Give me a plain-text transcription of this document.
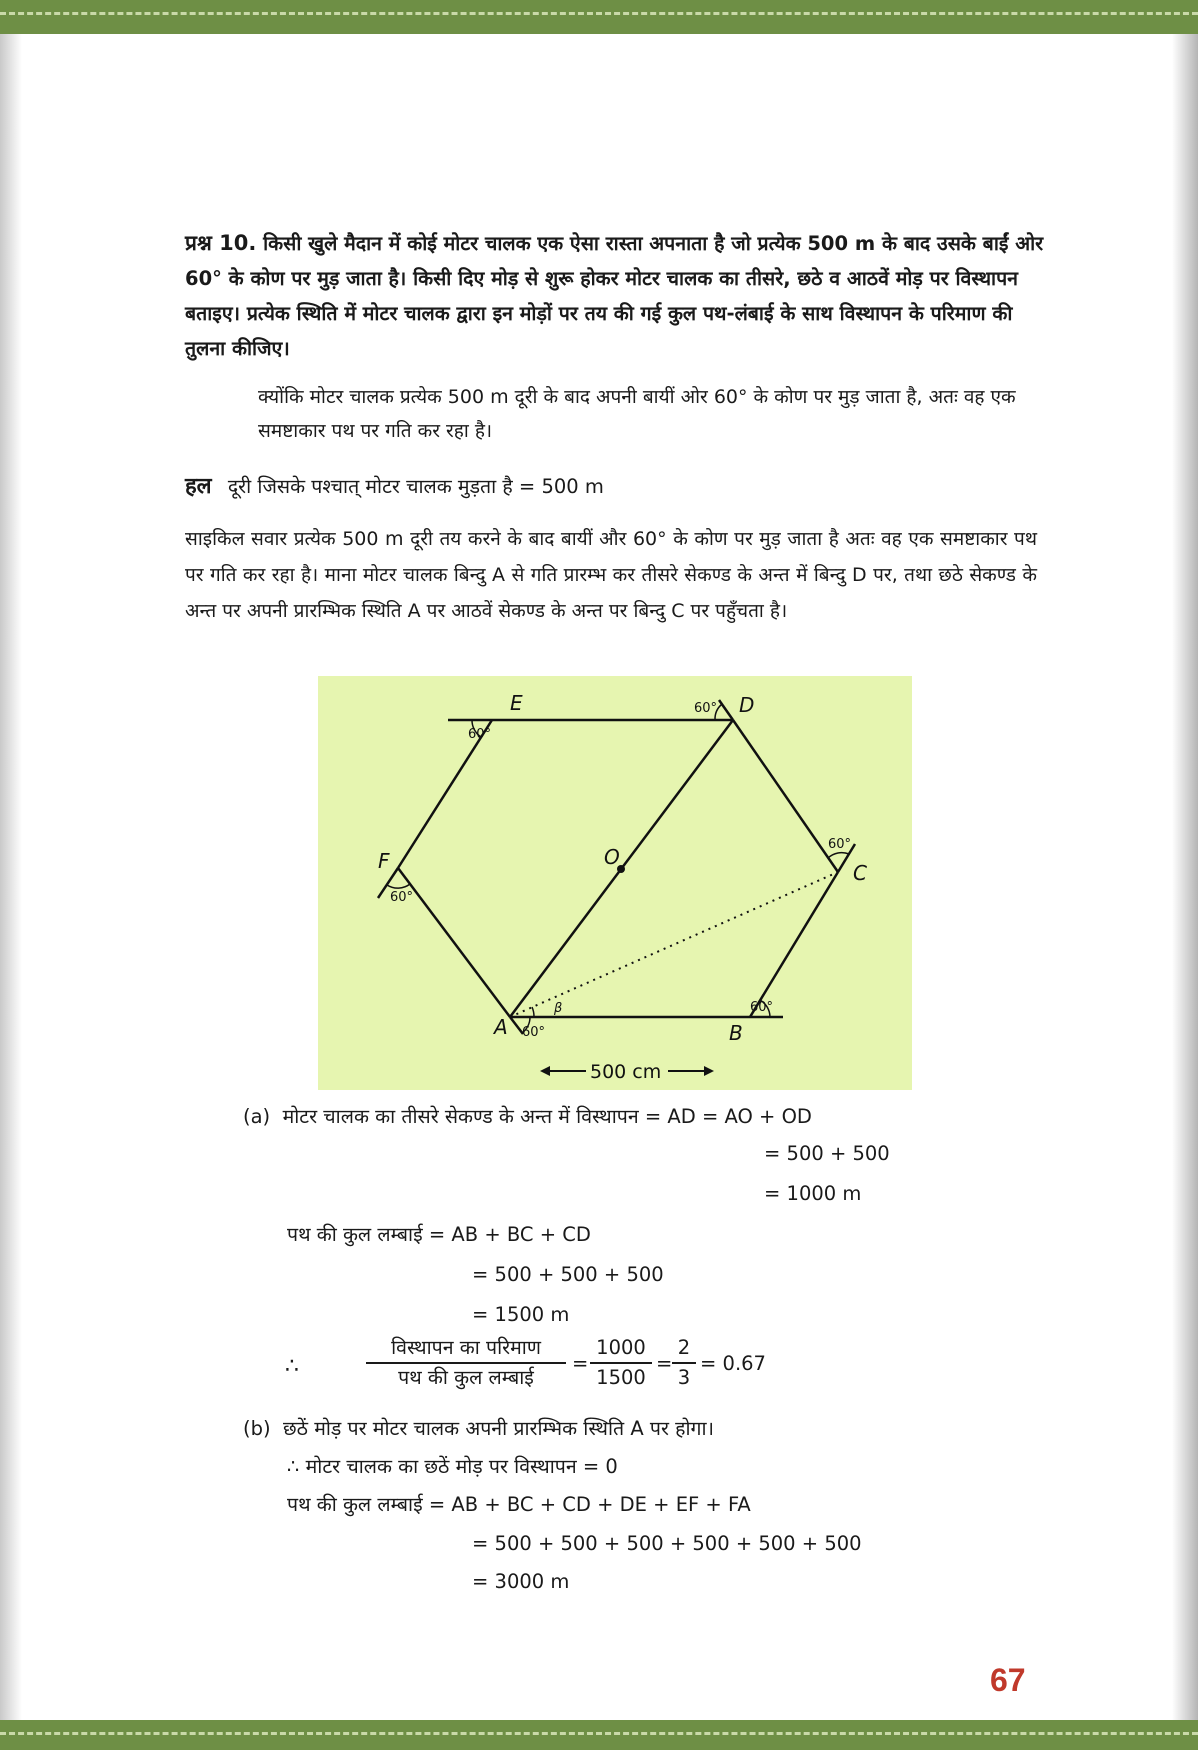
प्रश्न 10. किसी खुले मैदान में कोई मोटर चालक एक ऐसा रास्ता अपनाता है जो प्रत्येक 500 m के बाद उसके बाईं ओर 60° के कोण पर मुड़ जाता है। किसी दिए मोड़ से शुरू होकर मोटर चालक का तीसरे, छठे व आठवें मोड़ पर विस्थापन बताइए। प्रत्येक स्थिति में मोटर चालक द्वारा इन मोड़ों पर तय की गई कुल पथ-लंबाई के साथ विस्थापन के परिमाण की तुलना कीजिए।
क्योंकि मोटर चालक प्रत्येक 500 m दूरी के बाद अपनी बायीं ओर 60° के कोण पर मुड़ जाता है, अतः वह एक समष्टाकार पथ पर गति कर रहा है।
हल दूरी जिसके पश्चात् मोटर चालक मुड़ता है = 500 m
साइकिल सवार प्रत्येक 500 m दूरी तय करने के बाद बायीं और 60° के कोण पर मुड़ जाता है अतः वह एक समष्टाकार पथ पर गति कर रहा है। माना मोटर चालक बिन्दु A से गति प्रारम्भ कर तीसरे सेकण्ड के अन्त में बिन्दु D पर, तथा छठे सेकण्ड के अन्त पर अपनी प्रारम्भिक स्थिति A पर आठवें सेकण्ड के अन्त पर बिन्दु C पर पहुँचता है।
A	B
C
D
E
F	O
60°
60°
60°
60°
60°
60°
β
500 cm
(a) मोटर चालक का तीसरे सेकण्ड के अन्त में विस्थापन = AD = AO + OD
= 500 + 500
= 1000 m
पथ की कुल लम्बाई = AB + BC + CD
= 500 + 500 + 500
= 1500 m
∴
विस्थापन का परिमाण
पथ की कुल लम्बाई
= $\frac{1000}{1500} = \frac{2}{3} = 0.67$
(b) छठें मोड़ पर मोटर चालक अपनी प्रारम्भिक स्थिति A पर होगा।
∴ मोटर चालक का छठें मोड़ पर विस्थापन = 0
पथ की कुल लम्बाई = AB + BC + CD + DE + EF + FA
= 500 + 500 + 500 + 500 + 500 + 500
= 3000 m
67
